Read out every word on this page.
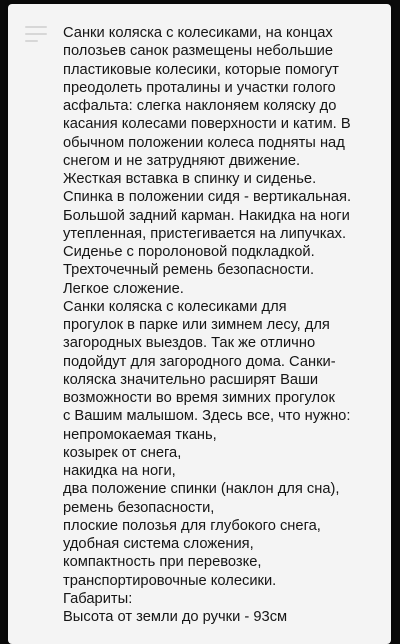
Санки коляска с колесиками, на концах
полозьев санок размещены небольшие
пластиковые колесики, которые помогут
преодолеть проталины и участки голого
асфальта: слегка наклоняем коляску до
касания колесами поверхности и катим. В
обычном положении колеса подняты над
снегом и не затрудняют движение.

Жесткая вставка в спинку и сиденье.

Спинка в положении сидя - вертикальная.

Большой задний карман. Накидка на ноги
утепленная, пристегивается на липучках.

Сиденье с поролоновой подкладкой.

Трехточечный ремень безопасности.

Легкое сложение.

Санки коляска с колесиками для
прогулок в парке или зимнем лесу, для
загородных выездов. Так же отлично
подойдут для загородного дома. Санки-
коляска значительно расширят Ваши
возможности во время зимних прогулок
с Вашим малышом. Здесь все, что нужно:

непромокаемая ткань,

козырек от снега,

накидка на ноги,

два положение спинки (наклон для сна),

ремень безопасности,

плоские полозья для глубокого снега,

удобная система сложения,

компактность при перевозке,

транспортировочные колесики.

Габариты:

Высота от земли до ручки - 93см
